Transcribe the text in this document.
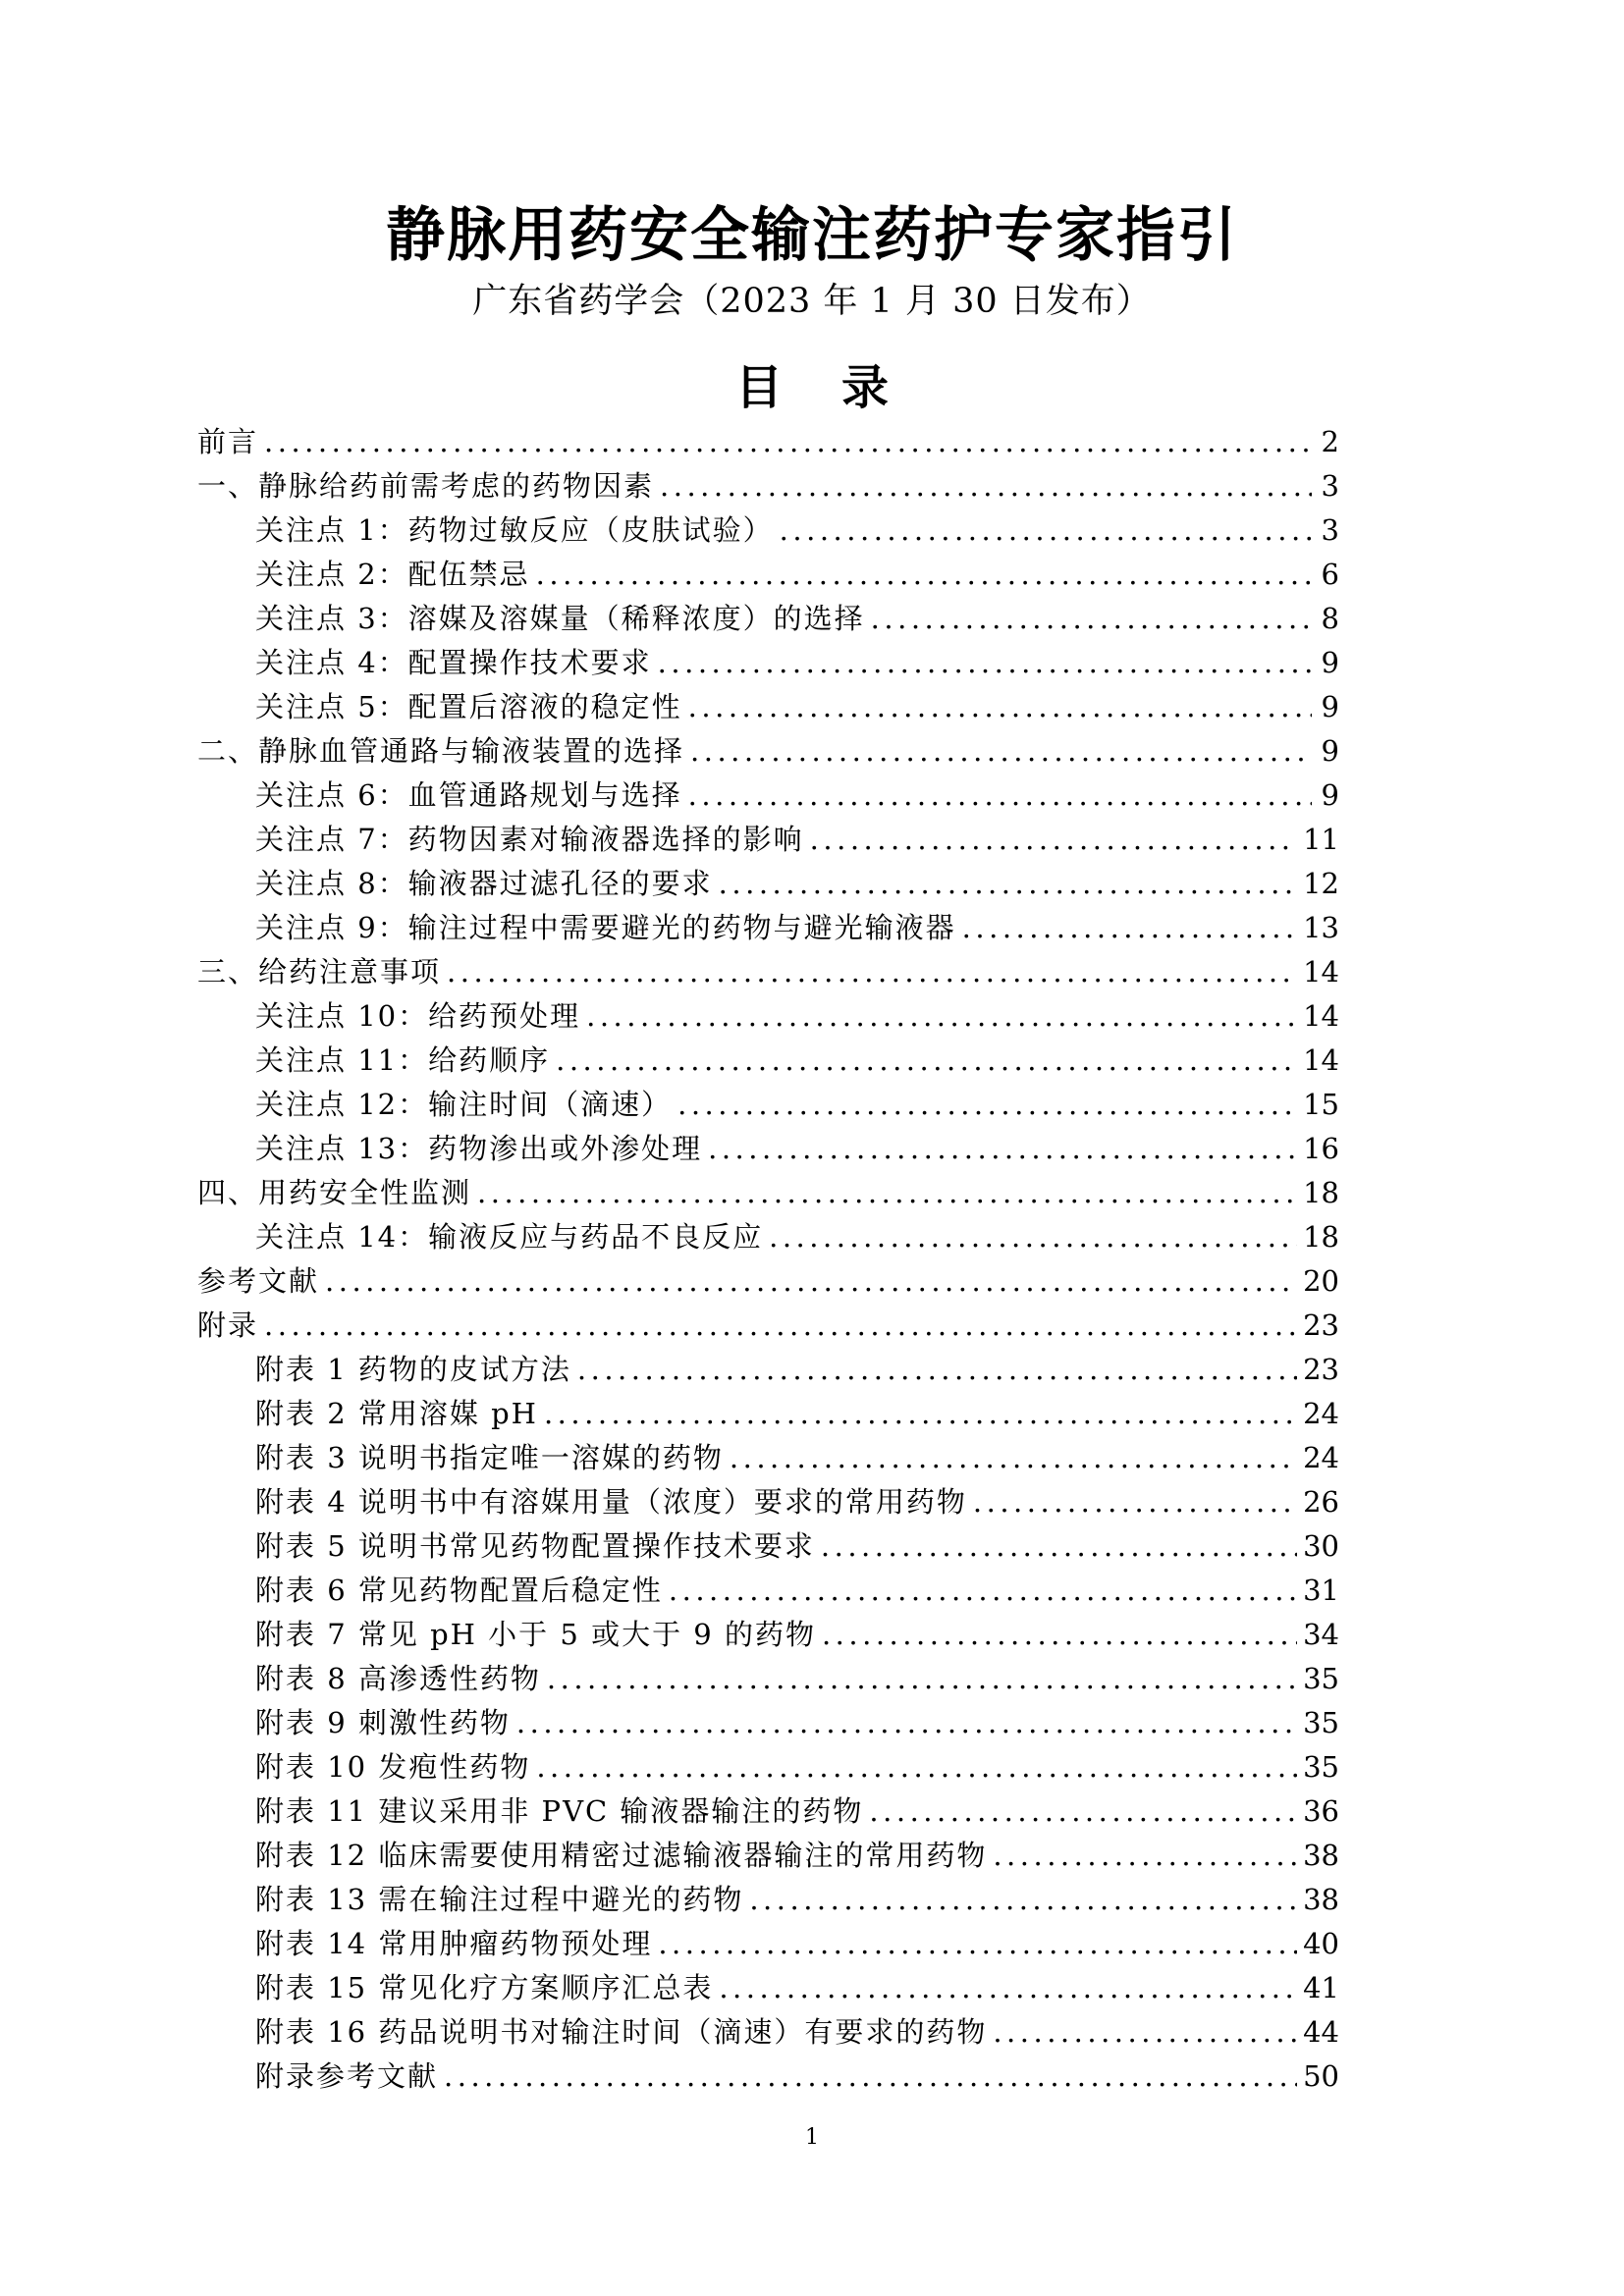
静脉用药安全输注药护专家指引
广东省药学会（2023 年 1 月 30 日发布）
目 录
前言 .....	2
一、静脉给药前需考虑的药物因素 .....	3
关注点 1：药物过敏反应（皮肤试验） .....	3
关注点 2：配伍禁忌 .....	6
关注点 3：溶媒及溶媒量（稀释浓度）的选择 .....	8
关注点 4：配置操作技术要求 .....	9
关注点 5：配置后溶液的稳定性 .....	9
二、静脉血管通路与输液装置的选择 .....	9
关注点 6：血管通路规划与选择 .....	9
关注点 7：药物因素对输液器选择的影响 .....	11
关注点 8：输液器过滤孔径的要求 .....	12
关注点 9：输注过程中需要避光的药物与避光输液器 .....	13
三、给药注意事项 .....	14
关注点 10：给药预处理 .....	14
关注点 11：给药顺序 .....	14
关注点 12：输注时间（滴速） .....	15
关注点 13：药物渗出或外渗处理 .....	16
四、用药安全性监测 .....	18
关注点 14：输液反应与药品不良反应 .....	18
参考文献 .....	20
附录 .....	23
附表 1 药物的皮试方法 .....	23
附表 2 常用溶媒 pH .....	24
附表 3 说明书指定唯一溶媒的药物 .....	24
附表 4 说明书中有溶媒用量（浓度）要求的常用药物 .....	26
附表 5 说明书常见药物配置操作技术要求 .....	30
附表 6 常见药物配置后稳定性 .....	31
附表 7 常见 pH 小于 5 或大于 9 的药物 .....	34
附表 8 高渗透性药物 .....	35
附表 9 刺激性药物 .....	35
附表 10 发疱性药物 .....	35
附表 11 建议采用非 PVC 输液器输注的药物 .....	36
附表 12 临床需要使用精密过滤输液器输注的常用药物 .....	38
附表 13 需在输注过程中避光的药物 .....	38
附表 14 常用肿瘤药物预处理 .....	40
附表 15 常见化疗方案顺序汇总表 .....	41
附表 16 药品说明书对输注时间（滴速）有要求的药物 .....	44
附录参考文献 .....	50
1
